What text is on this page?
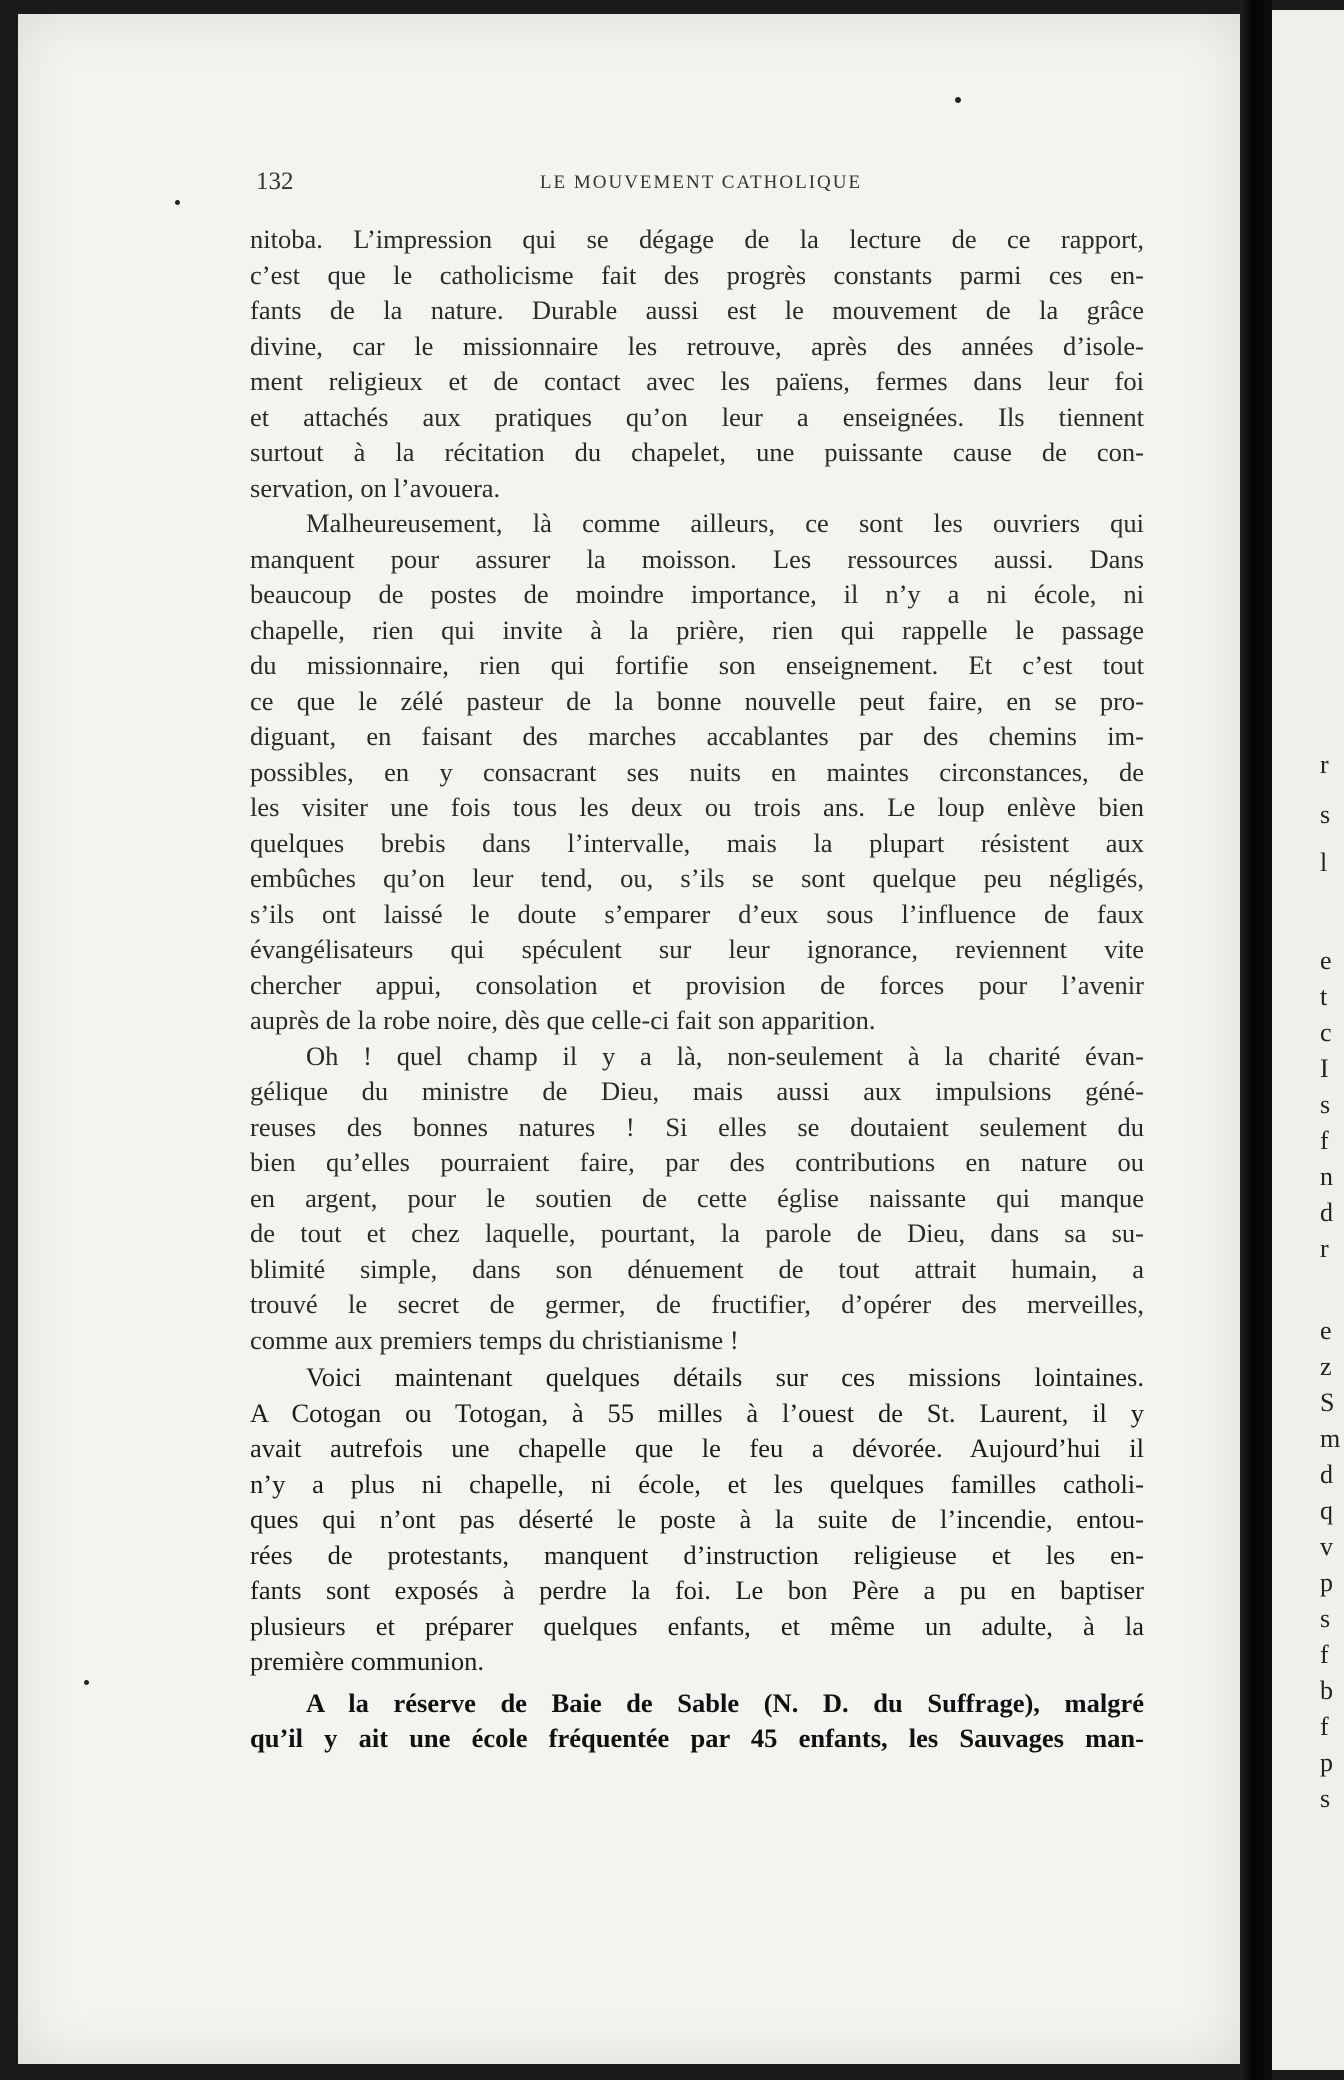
r
s
l
e
t
c
I
s
f
n
d
r
e
z
S
m
d
q
v
p
s
f
b
f
p
s
132	LE MOUVEMENT CATHOLIQUE
nitoba. L’impression qui se dégage de la lecture de ce rapport,
c’est que le catholicisme fait des progrès constants parmi ces en-
fants de la nature. Durable aussi est le mouvement de la grâce
divine, car le missionnaire les retrouve, après des années d’isole-
ment religieux et de contact avec les païens, fermes dans leur foi
et attachés aux pratiques qu’on leur a enseignées. Ils tiennent
surtout à la récitation du chapelet, une puissante cause de con-
servation, on l’avouera.
Malheureusement, là comme ailleurs, ce sont les ouvriers qui
manquent pour assurer la moisson. Les ressources aussi. Dans
beaucoup de postes de moindre importance, il n’y a ni école, ni
chapelle, rien qui invite à la prière, rien qui rappelle le passage
du missionnaire, rien qui fortifie son enseignement. Et c’est tout
ce que le zélé pasteur de la bonne nouvelle peut faire, en se pro-
diguant, en faisant des marches accablantes par des chemins im-
possibles, en y consacrant ses nuits en maintes circonstances, de
les visiter une fois tous les deux ou trois ans. Le loup enlève bien
quelques brebis dans l’intervalle, mais la plupart résistent aux
embûches qu’on leur tend, ou, s’ils se sont quelque peu négligés,
s’ils ont laissé le doute s’emparer d’eux sous l’influence de faux
évangélisateurs qui spéculent sur leur ignorance, reviennent vite
chercher appui, consolation et provision de forces pour l’avenir
auprès de la robe noire, dès que celle-ci fait son apparition.
Oh ! quel champ il y a là, non-seulement à la charité évan-
gélique du ministre de Dieu, mais aussi aux impulsions géné-
reuses des bonnes natures ! Si elles se doutaient seulement du
bien qu’elles pourraient faire, par des contributions en nature ou
en argent, pour le soutien de cette église naissante qui manque
de tout et chez laquelle, pourtant, la parole de Dieu, dans sa su-
blimité simple, dans son dénuement de tout attrait humain, a
trouvé le secret de germer, de fructifier, d’opérer des merveilles,
comme aux premiers temps du christianisme !
Voici maintenant quelques détails sur ces missions lointaines.
A Cotogan ou Totogan, à 55 milles à l’ouest de St. Laurent, il y
avait autrefois une chapelle que le feu a dévorée. Aujourd’hui il
n’y a plus ni chapelle, ni école, et les quelques familles catholi-
ques qui n’ont pas déserté le poste à la suite de l’incendie, entou-
rées de protestants, manquent d’instruction religieuse et les en-
fants sont exposés à perdre la foi. Le bon Père a pu en baptiser
plusieurs et préparer quelques enfants, et même un adulte, à la
première communion.
A la réserve de Baie de Sable (N. D. du Suffrage), malgré
qu’il y ait une école fréquentée par 45 enfants, les Sauvages man-
